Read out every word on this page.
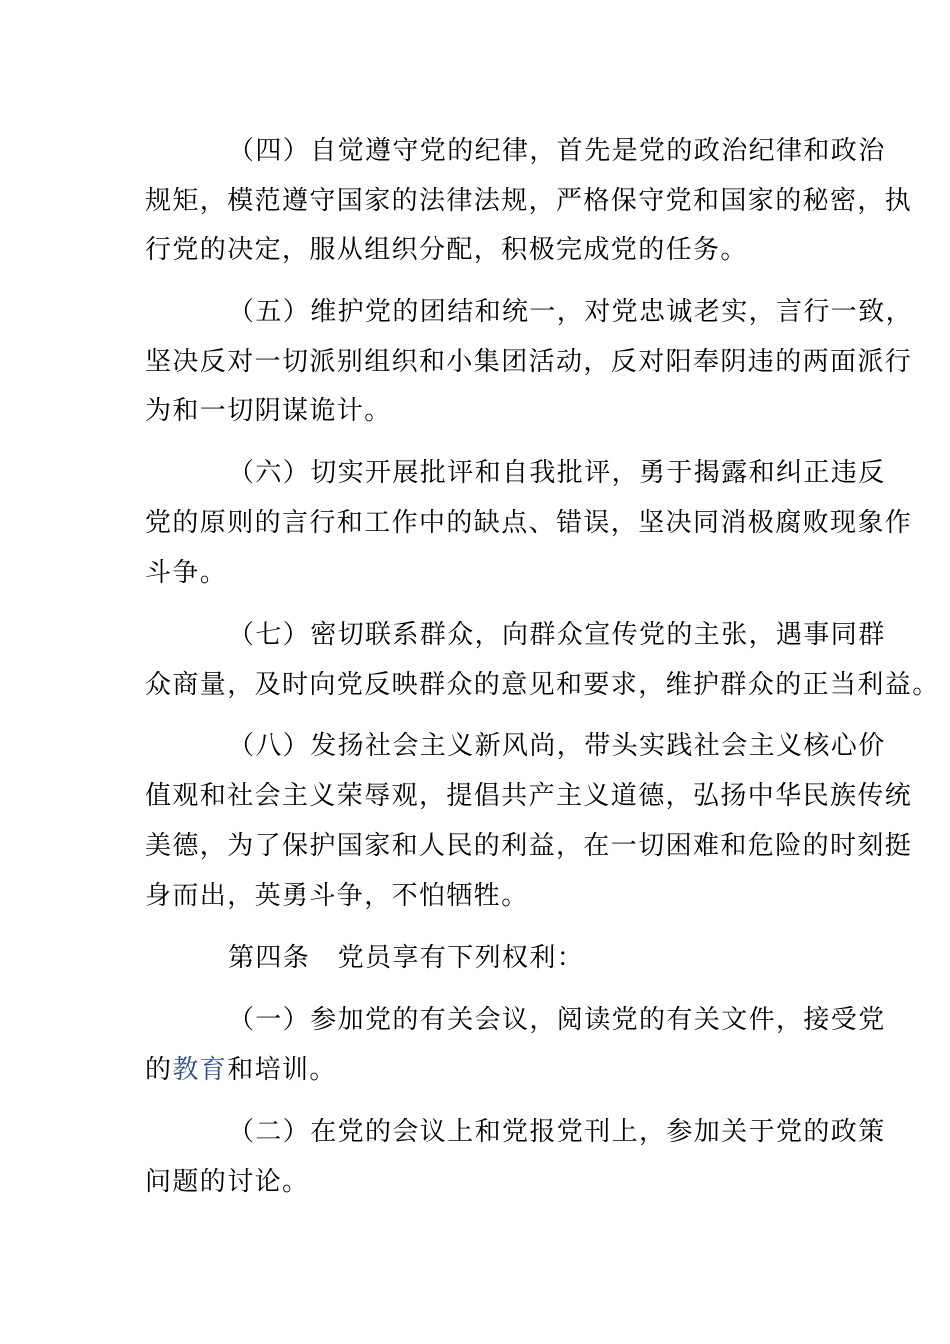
（四）自觉遵守党的纪律，首先是党的政治纪律和政治
规矩，模范遵守国家的法律法规，严格保守党和国家的秘密，执
行党的决定，服从组织分配，积极完成党的任务。
（五）维护党的团结和统一，对党忠诚老实，言行一致，
坚决反对一切派别组织和小集团活动，反对阳奉阴违的两面派行
为和一切阴谋诡计。
（六）切实开展批评和自我批评，勇于揭露和纠正违反
党的原则的言行和工作中的缺点、错误，坚决同消极腐败现象作
斗争。
（七）密切联系群众，向群众宣传党的主张，遇事同群
众商量，及时向党反映群众的意见和要求，维护群众的正当利益。
（八）发扬社会主义新风尚，带头实践社会主义核心价
值观和社会主义荣辱观，提倡共产主义道德，弘扬中华民族传统
美德，为了保护国家和人民的利益，在一切困难和危险的时刻挺
身而出，英勇斗争，不怕牺牲。
第四条　党员享有下列权利：
（一）参加党的有关会议，阅读党的有关文件，接受党
的教育和培训。
（二）在党的会议上和党报党刊上，参加关于党的政策
问题的讨论。
